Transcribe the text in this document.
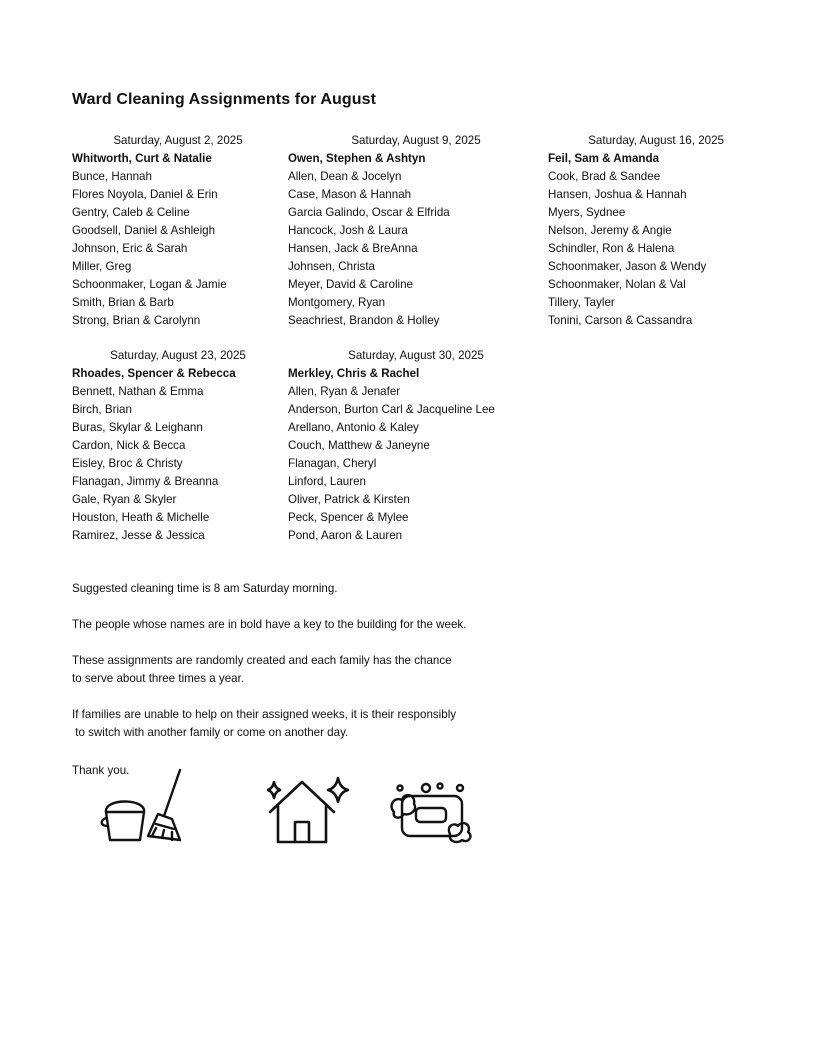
Ward Cleaning Assignments for August
Saturday, August 2, 2025
Whitworth, Curt & Natalie
Bunce, Hannah
Flores Noyola, Daniel & Erin
Gentry, Caleb & Celine
Goodsell, Daniel & Ashleigh
Johnson, Eric & Sarah
Miller, Greg
Schoonmaker, Logan & Jamie
Smith, Brian & Barb
Strong, Brian & Carolynn
Saturday, August 9, 2025
Owen, Stephen & Ashtyn
Allen, Dean & Jocelyn
Case, Mason & Hannah
Garcia Galindo, Oscar & Elfrida
Hancock, Josh & Laura
Hansen, Jack & BreAnna
Johnsen, Christa
Meyer, David & Caroline
Montgomery, Ryan
Seachriest, Brandon & Holley
Saturday, August 16, 2025
Feil, Sam & Amanda
Cook, Brad & Sandee
Hansen, Joshua & Hannah
Myers, Sydnee
Nelson, Jeremy & Angie
Schindler, Ron & Halena
Schoonmaker, Jason & Wendy
Schoonmaker, Nolan & Val
Tillery, Tayler
Tonini, Carson & Cassandra
Saturday, August 23, 2025
Rhoades, Spencer & Rebecca
Bennett, Nathan & Emma
Birch, Brian
Buras, Skylar & Leighann
Cardon, Nick & Becca
Eisley, Broc & Christy
Flanagan, Jimmy & Breanna
Gale, Ryan & Skyler
Houston, Heath & Michelle
Ramirez, Jesse & Jessica
Saturday, August 30, 2025
Merkley, Chris & Rachel
Allen, Ryan & Jenafer
Anderson, Burton Carl & Jacqueline Lee
Arellano, Antonio & Kaley
Couch, Matthew & Janeyne
Flanagan, Cheryl
Linford, Lauren
Oliver, Patrick & Kirsten
Peck, Spencer & Mylee
Pond, Aaron & Lauren

Suggested cleaning time is 8 am Saturday morning.

The people whose names are in bold have a key to the building for the week.

These assignments are randomly created and each family has the chance
to serve about three times a year.

If families are unable to help on their assigned weeks, it is their responsibly
to switch with another family or come on another day.

Thank you.
